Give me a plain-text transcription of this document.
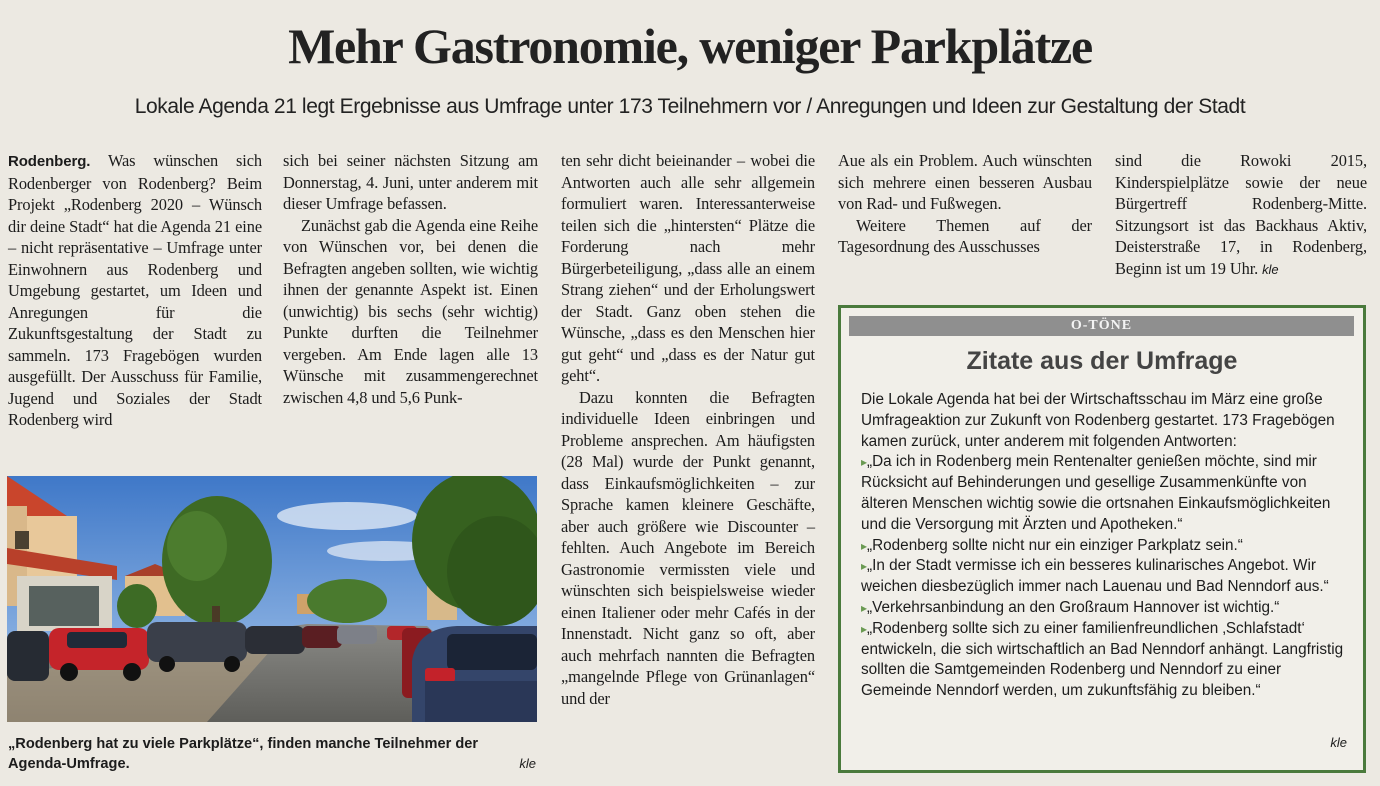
Mehr Gastronomie, weniger Parkplätze
Lokale Agenda 21 legt Ergebnisse aus Umfrage unter 173 Teilnehmern vor / Anregungen und Ideen zur Gestaltung der Stadt

Rodenberg. Was wünschen sich Rodenberger von Rodenberg? Beim Projekt „Rodenberg 2020 – Wünsch dir deine Stadt“ hat die Agenda 21 eine – nicht repräsentative – Umfrage unter Einwohnern aus Rodenberg und Umgebung gestartet, um Ideen und Anregungen für die Zukunftsgestaltung der Stadt zu sammeln. 173 Fragebögen wurden ausgefüllt. Der Ausschuss für Familie, Jugend und Soziales der Stadt Rodenberg wird

sich bei seiner nächsten Sitzung am Donnerstag, 4. Juni, unter anderem mit dieser Umfrage befassen.

Zunächst gab die Agenda eine Reihe von Wünschen vor, bei denen die Befragten angeben sollten, wie wichtig ihnen der genannte Aspekt ist. Einen (unwichtig) bis sechs (sehr wichtig) Punkte durften die Teilnehmer vergeben. Am Ende lagen alle 13 Wünsche mit zusammengerechnet zwischen 4,8 und 5,6 Punk-

ten sehr dicht beieinander – wobei die Antworten auch alle sehr allgemein formuliert waren. Interessanterweise teilen sich die „hintersten“ Plätze die Forderung nach mehr Bürgerbeteiligung, „dass alle an einem Strang ziehen“ und der Erholungswert der Stadt. Ganz oben stehen die Wünsche, „dass es den Menschen hier gut geht“ und „dass es der Natur gut geht“.

Dazu konnten die Befragten individuelle Ideen einbringen und Probleme ansprechen. Am häufigsten (28 Mal) wurde der Punkt genannt, dass Einkaufsmöglichkeiten – zur Sprache kamen kleinere Geschäfte, aber auch größere wie Discounter – fehlten. Auch Angebote im Bereich Gastronomie vermissten viele und wünschten sich beispielsweise wieder einen Italiener oder mehr Cafés in der Innenstadt. Nicht ganz so oft, aber auch mehrfach nannten die Befragten „mangelnde Pflege von Grünanlagen“ und der

Aue als ein Problem. Auch wünschten sich mehrere einen besseren Ausbau von Rad- und Fußwegen.

Weitere Themen auf der Tagesordnung des Ausschusses

sind die Rowoki 2015, Kinderspielplätze sowie der neue Bürgertreff Rodenberg-Mitte. Sitzungsort ist das Backhaus Aktiv, Deisterstraße 17, in Rodenberg, Beginn ist um 19 Uhr. kle

„Rodenberg hat zu viele Parkplätze“, finden manche Teilnehmer der Agenda-Umfrage.	kle
O-TÖNE
Zitate aus der Umfrage

Die Lokale Agenda hat bei der Wirtschaftsschau im März eine große Umfrageaktion zur Zukunft von Rodenberg gestartet. 173 Fragebögen kamen zurück, unter anderem mit folgenden Antworten:

▸ „Da ich in Rodenberg mein Rentenalter genießen möchte, sind mir Rücksicht auf Behinderungen und gesellige Zusammenkünfte von älteren Menschen wichtig sowie die ortsnahen Einkaufsmöglichkeiten und die Versorgung mit Ärzten und Apotheken.“

▸ „Rodenberg sollte nicht nur ein einziger Parkplatz sein.“

▸ „In der Stadt vermisse ich ein besseres kulinarisches Angebot. Wir weichen diesbezüglich immer nach Lauenau und Bad Nenndorf aus.“

▸ „Verkehrsanbindung an den Großraum Hannover ist wichtig.“

▸ „Rodenberg sollte sich zu einer familienfreundlichen ‚Schlafstadt‘ entwickeln, die sich wirtschaftlich an Bad Nenndorf anhängt. Langfristig sollten die Samtgemeinden Rodenberg und Nenndorf zu einer Gemeinde Nenndorf werden, um zukunftsfähig zu bleiben.“

kle
